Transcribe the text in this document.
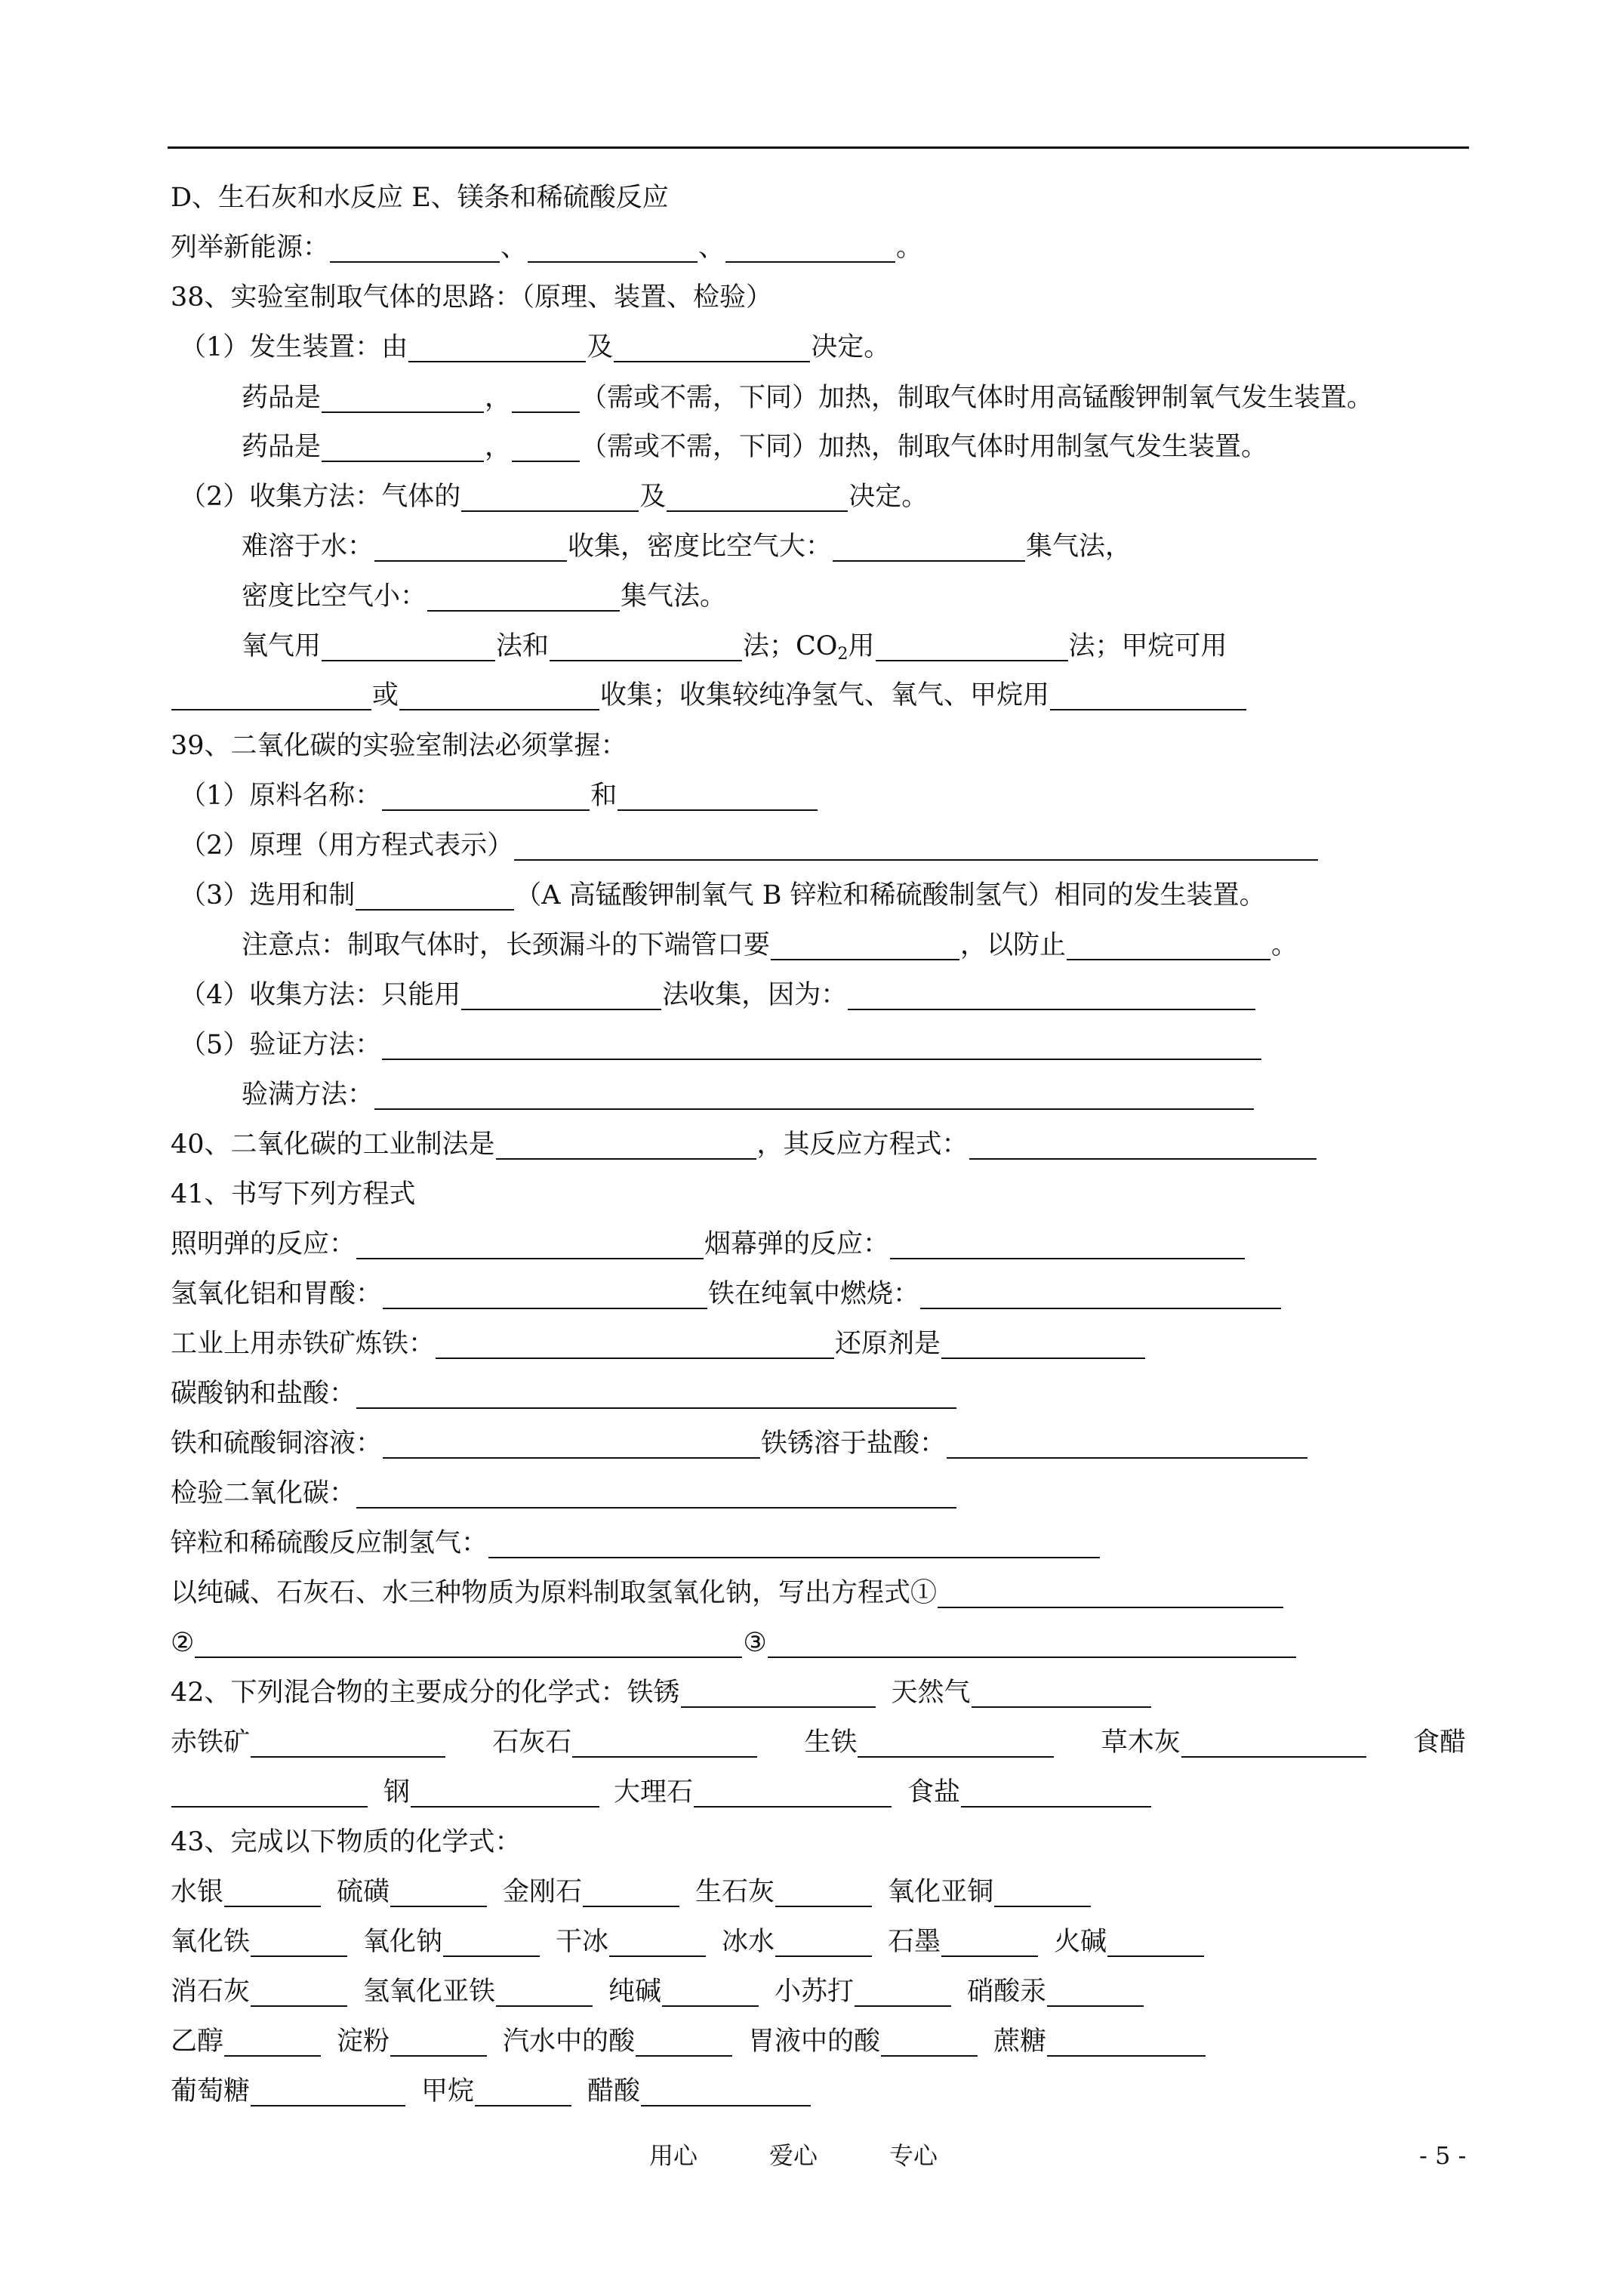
D、生石灰和水反应 E、镁条和稀硫酸反应
列举新能源：	、	、	。
38、实验室制取气体的思路：（原理、装置、检验）
（1）发生装置：由	及	决定。
药品是	，	（需或不需，下同）加热，制取气体时用高锰酸钾制氧气发生装置。
药品是	，	（需或不需，下同）加热，制取气体时用制氢气发生装置。
（2）收集方法：气体的	及	决定。
难溶于水：	收集，密度比空气大：	集气法，
密度比空气小：	集气法。
氧气用	法和	法；$CO_2$用	法；甲烷可用
或	收集；收集较纯净氢气、氧气、甲烷用
39、二氧化碳的实验室制法必须掌握：
（1）原料名称：	和
（2）原理（用方程式表示）
（3）选用和制	（A 高锰酸钾制氧气 B 锌粒和稀硫酸制氢气）相同的发生装置。
注意点：制取气体时，长颈漏斗的下端管口要	，以防止	。
（4）收集方法：只能用	法收集，因为：
（5）验证方法：
验满方法：
40、二氧化碳的工业制法是	，其反应方程式：
41、书写下列方程式
照明弹的反应：	烟幕弹的反应：
氢氧化铝和胃酸：	铁在纯氧中燃烧：
工业上用赤铁矿炼铁：	还原剂是
碳酸钠和盐酸：
铁和硫酸铜溶液：	铁锈溶于盐酸：
检验二氧化碳：
锌粒和稀硫酸反应制氢气：
以纯碱、石灰石、水三种物质为原料制取氢氧化钠，写出方程式①
②	③
42、下列混合物的主要成分的化学式：铁锈	天然气
赤铁矿	石灰石	生铁	草木灰	食醋
钢	大理石	食盐
43、完成以下物质的化学式：
水银	硫磺	金刚石	生石灰	氧化亚铜
氧化铁	氧化钠	干冰	冰水	石墨	火碱
消石灰	氢氧化亚铁	纯碱	小苏打	硝酸汞
乙醇	淀粉	汽水中的酸	胃液中的酸	蔗糖
葡萄糖	甲烷	醋酸
用心	爱心	专心	- 5 -
